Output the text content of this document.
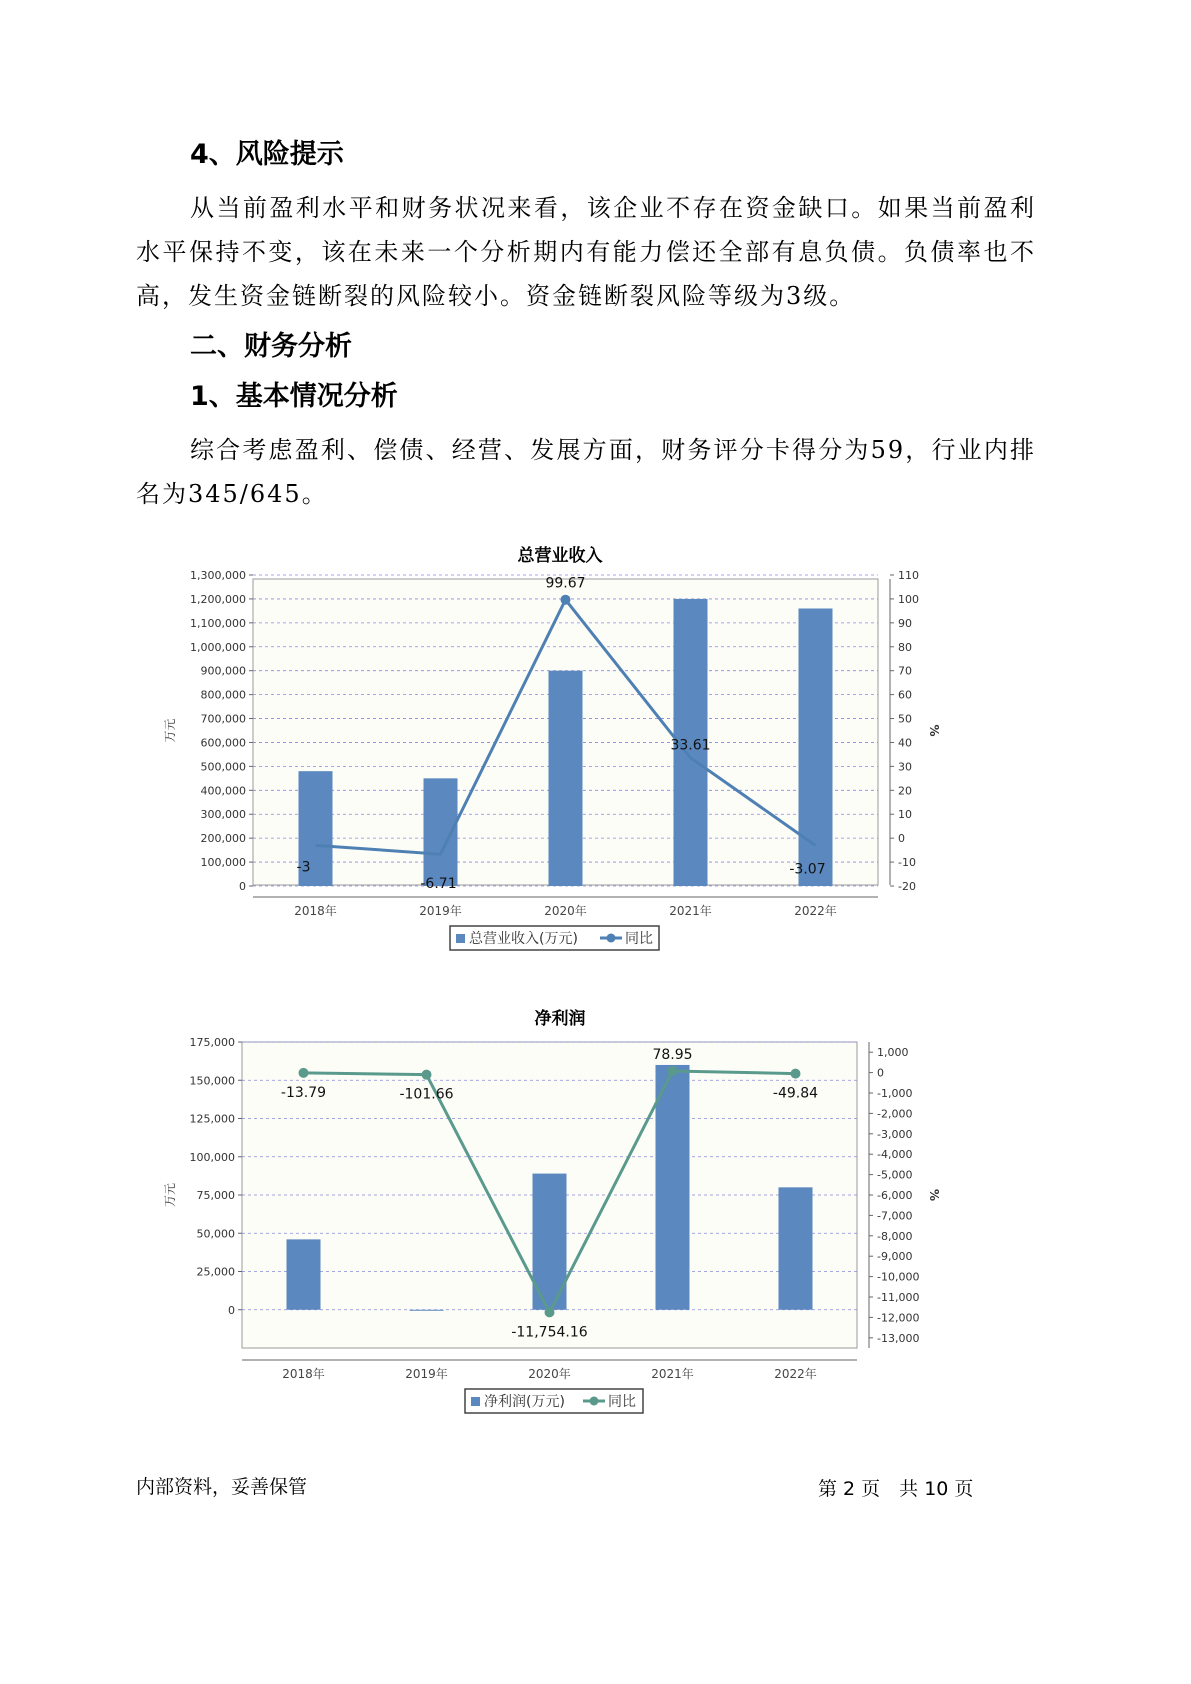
4、风险提示
从当前盈利水平和财务状况来看，该企业不存在资金缺口。如果当前盈利水平保持不变，该在未来一个分析期内有能力偿还全部有息负债。负债率也不高，发生资金链断裂的风险较小。资金链断裂风险等级为3级。
二、财务分析
1、基本情况分析
综合考虑盈利、偿债、经营、发展方面，财务评分卡得分为59，行业内排名为345/645。
总营业收入
0
100,000
200,000
300,000
400,000
500,000
600,000
700,000
800,000
900,000
1,000,000
1,100,000
1,200,000
1,300,000
-20
-10
0
10
20
30
40
50
60
70
80
90
100
110
万元	%
2018年	2019年	2020年	2021年	2022年
-3
-6.71
99.67
33.61
-3.07
总营业收入(万元)	同比
净利润
0
25,000
50,000
75,000
100,000
125,000
150,000
175,000
-13,000
-12,000
-11,000
-10,000
-9,000
-8,000
-7,000
-6,000
-5,000
-4,000
-3,000
-2,000
-1,000
0
1,000
万元	%
2018年	2019年	2020年	2021年	2022年
-13.79	-101.66
-11,754.16
78.95
-49.84
净利润(万元)	同比
内部资料，妥善保管	第 2 页　共 10 页
